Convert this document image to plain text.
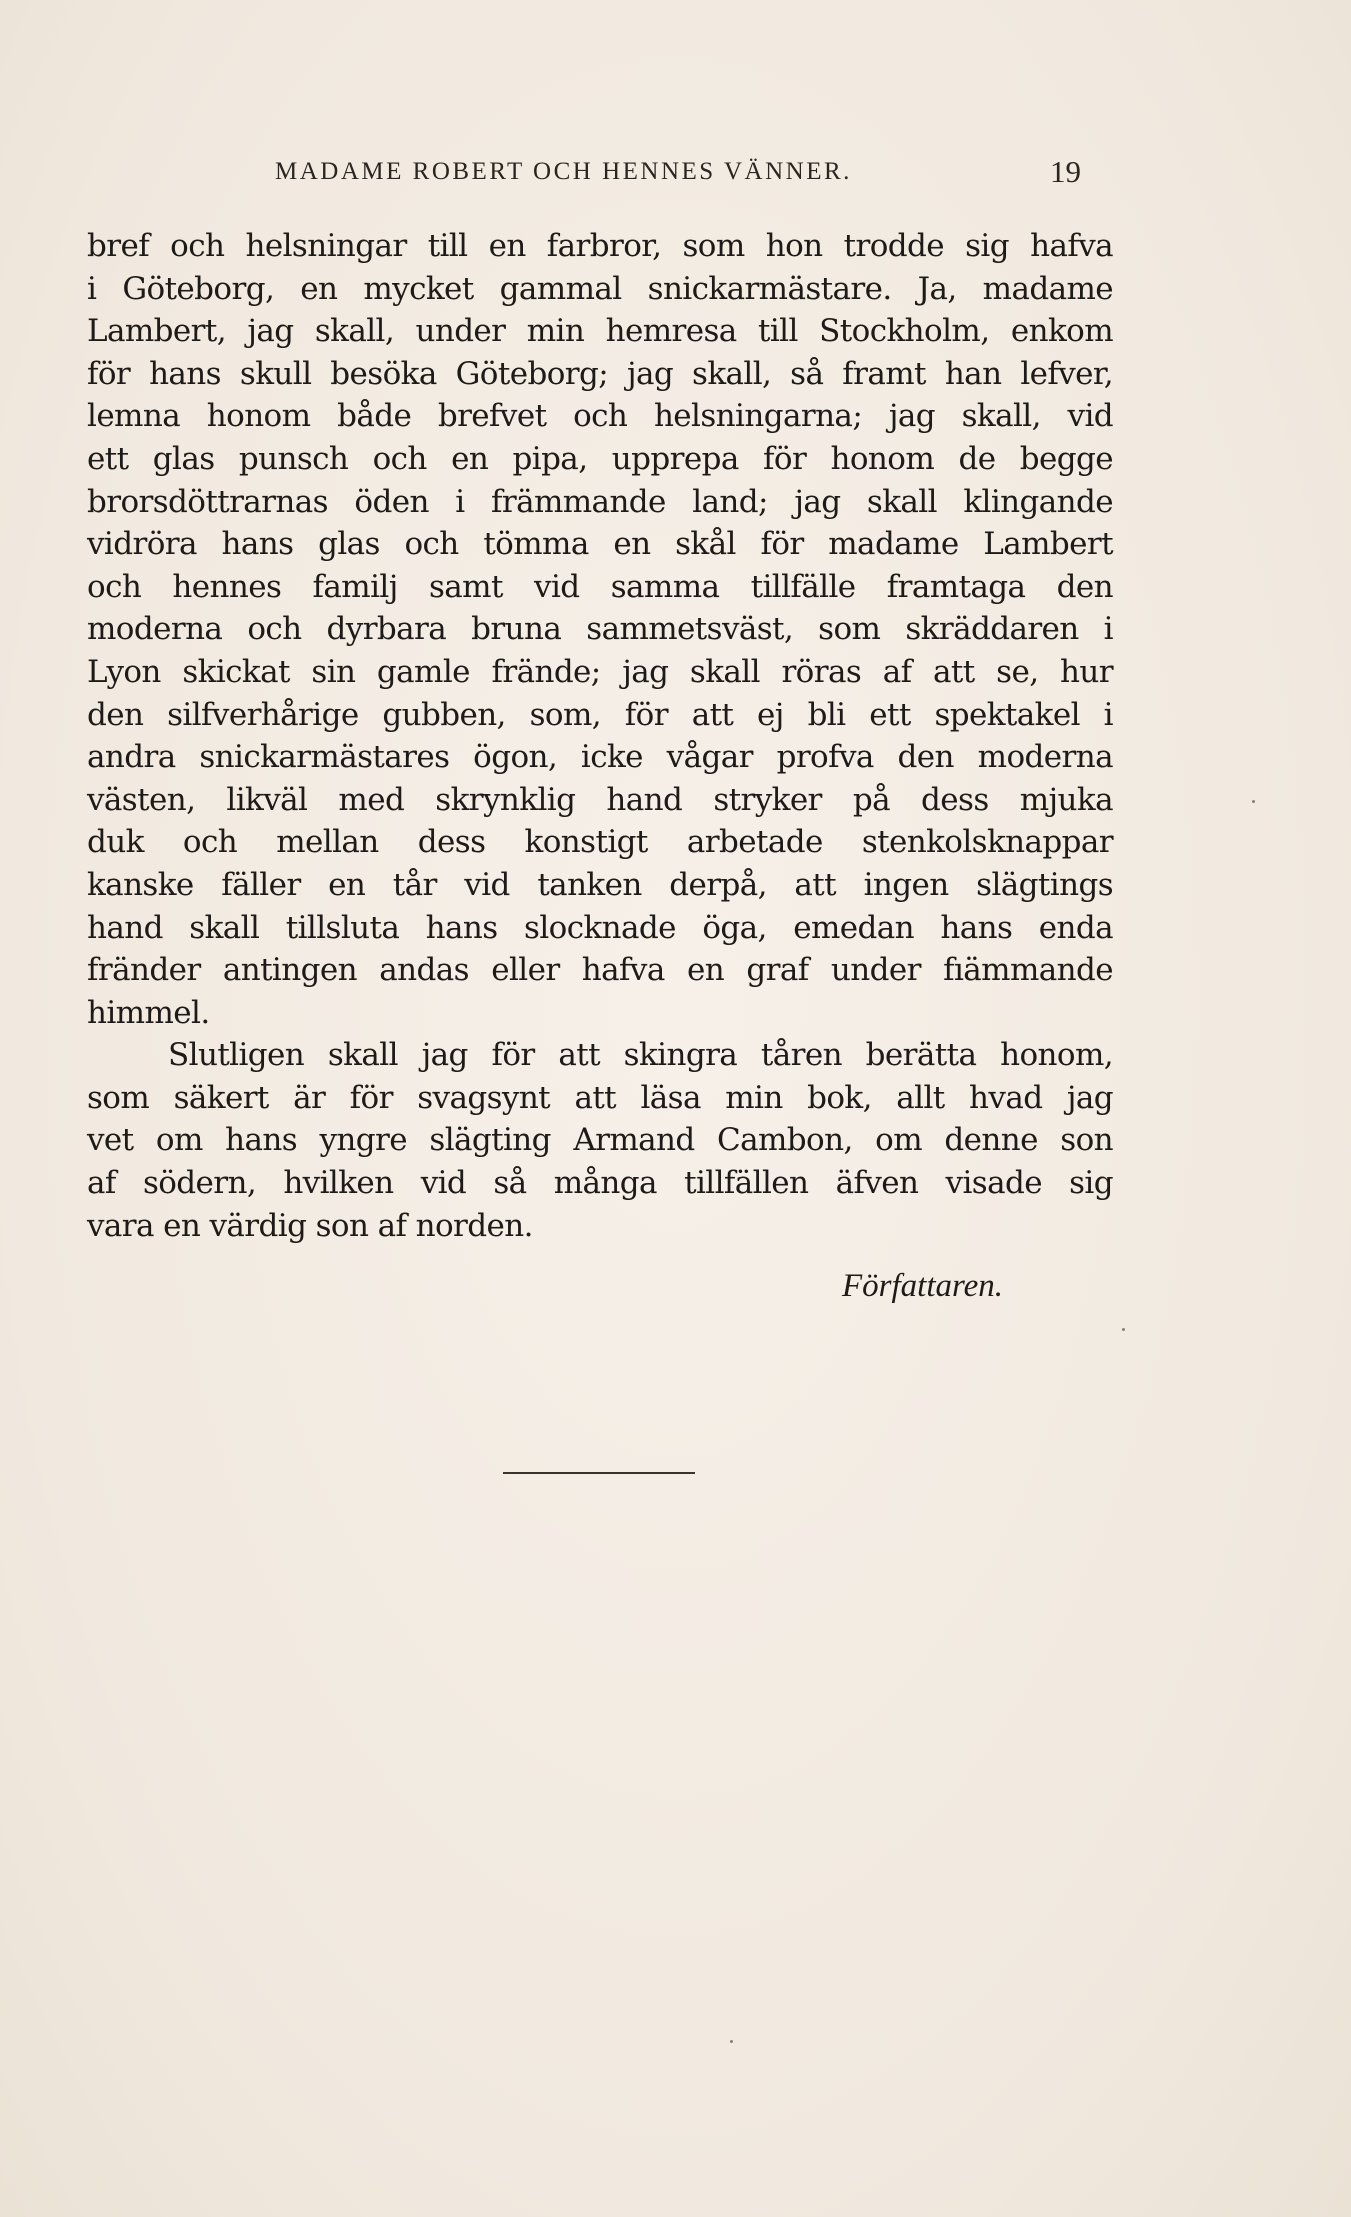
MADAME ROBERT OCH HENNES VÄNNER.	19
bref och helsningar till en farbror, som hon trodde sig hafva
i Göteborg, en mycket gammal snickarmästare. Ja, madame
Lambert, jag skall, under min hemresa till Stockholm, enkom
för hans skull besöka Göteborg; jag skall, så framt han lefver,
lemna honom både brefvet och helsningarna; jag skall, vid
ett glas punsch och en pipa, upprepa för honom de begge
brorsdöttrarnas öden i främmande land; jag skall klingande
vidröra hans glas och tömma en skål för madame Lambert
och hennes familj samt vid samma tillfälle framtaga den
moderna och dyrbara bruna sammetsväst, som skräddaren i
Lyon skickat sin gamle frände; jag skall röras af att se, hur
den silfverhårige gubben, som, för att ej bli ett spektakel i
andra snickarmästares ögon, icke vågar profva den moderna
västen, likväl med skrynklig hand stryker på dess mjuka
duk och mellan dess konstigt arbetade stenkolsknappar
kanske fäller en tår vid tanken derpå, att ingen slägtings
hand skall tillsluta hans slocknade öga, emedan hans enda
fränder antingen andas eller hafva en graf under fıämmande
himmel.
Slutligen skall jag för att skingra tåren berätta honom,
som säkert är för svagsynt att läsa min bok, allt hvad jag
vet om hans yngre slägting Armand Cambon, om denne son
af södern, hvilken vid så många tillfällen äfven visade sig
vara en värdig son af norden.
Författaren.
